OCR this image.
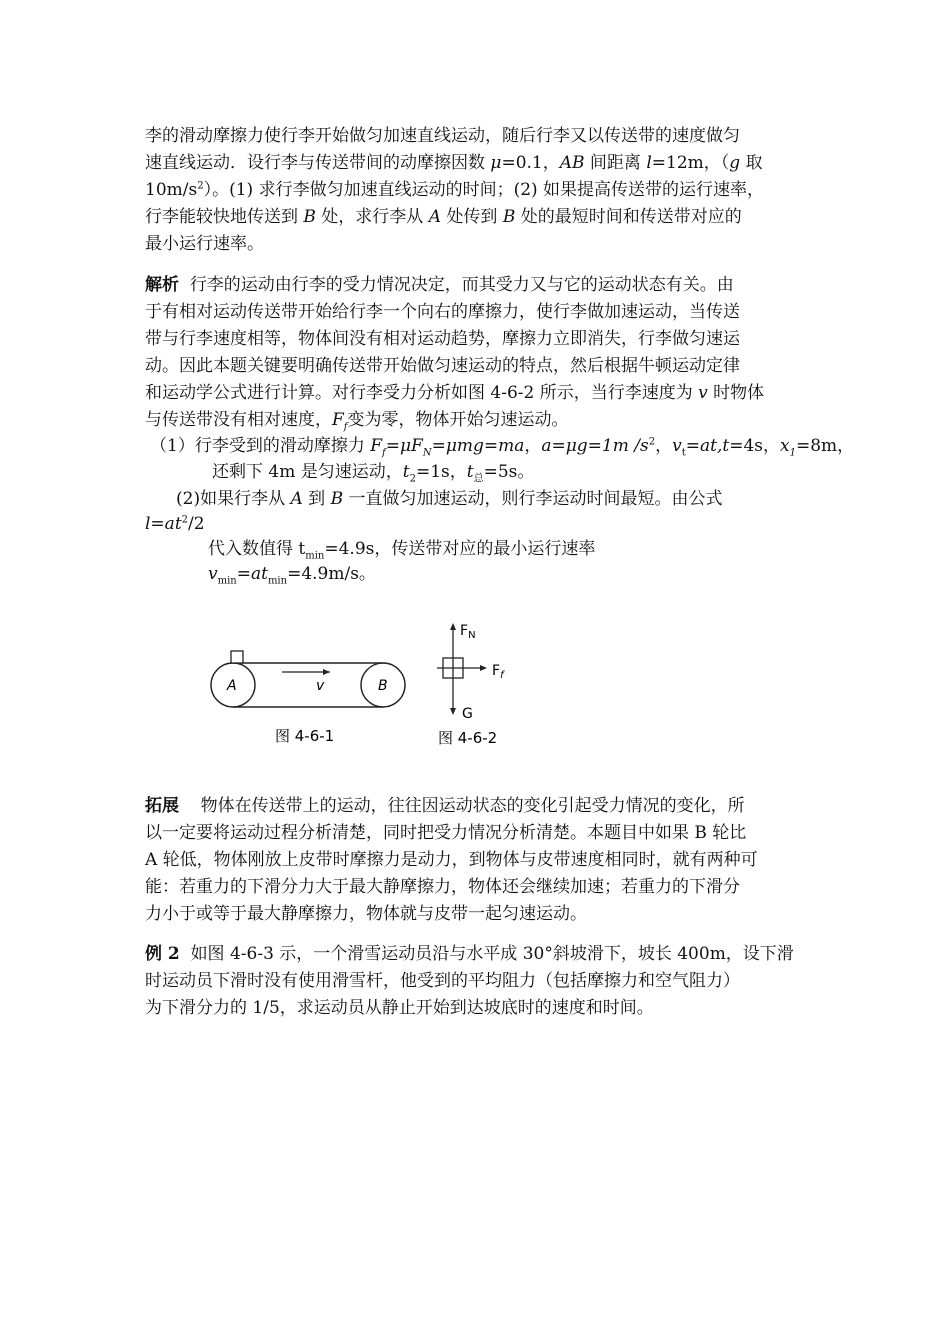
李的滑动摩擦力使行李开始做匀加速直线运动，随后行李又以传送带的速度做匀
速直线运动．设行李与传送带间的动摩擦因数 μ=0.1，AB 间距离 l=12m，（g 取
$10m/s^2$）。(1) 求行李做匀加速直线运动的时间；(2) 如果提高传送带的运行速率，
行李能较快地传送到 B 处，求行李从 A 处传到 B 处的最短时间和传送带对应的
最小运行速率。
解析 行李的运动由行李的受力情况决定，而其受力又与它的运动状态有关。由
于有相对运动传送带开始给行李一个向右的摩擦力，使行李做加速运动，当传送
带与行李速度相等，物体间没有相对运动趋势，摩擦力立即消失，行李做匀速运
动。因此本题关键要明确传送带开始做匀速运动的特点，然后根据牛顿运动定律
和运动学公式进行计算。对行李受力分析如图 4-6-2 所示，当行李速度为 v 时物体
与传送带没有相对速度，$F_f$变为零，物体开始匀速运动。
（1）行李受到的滑动摩擦力 $F_f=\mu F_N=\mu mg=ma$，a=μg=1m $/s^2$，$v_t=at,t=4s$，$x_1=8m$，
还剩下 4m 是匀速运动，$t_2=1s$，$t_总=5s$。
(2)如果行李从 A 到 B 一直做匀加速运动，则行李运动时间最短。由公式
$l=at^2/2$
代入数值得 $t_{min}=4.9s$，传送带对应的最小运行速率
$v_{min}=at_{min}=4.9m/s$。
A	B
v
图 4-6-1
$F_N$
$F_f$
G
图 4-6-2
拓展 物体在传送带上的运动，往往因运动状态的变化引起受力情况的变化，所
以一定要将运动过程分析清楚，同时把受力情况分析清楚。本题目中如果 B 轮比
A 轮低，物体刚放上皮带时摩擦力是动力，到物体与皮带速度相同时，就有两种可
能：若重力的下滑分力大于最大静摩擦力，物体还会继续加速；若重力的下滑分
力小于或等于最大静摩擦力，物体就与皮带一起匀速运动。
例 2 如图 4-6-3 示，一个滑雪运动员沿与水平成 30°斜坡滑下，坡长 400m，设下滑
时运动员下滑时没有使用滑雪杆，他受到的平均阻力（包括摩擦力和空气阻力）
为下滑分力的 1/5，求运动员从静止开始到达坡底时的速度和时间。
